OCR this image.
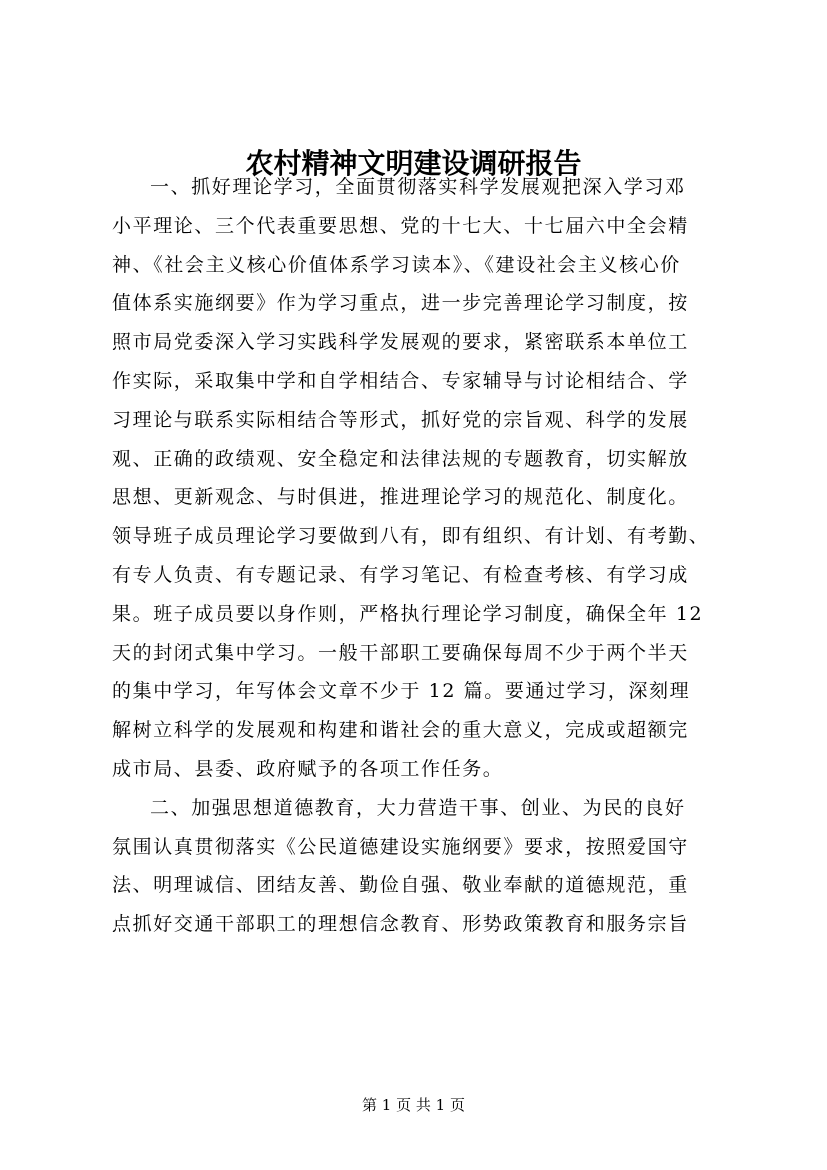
农村精神文明建设调研报告
一、抓好理论学习，全面贯彻落实科学发展观把深入学习邓
小平理论、三个代表重要思想、党的十七大、十七届六中全会精
神、《社会主义核心价值体系学习读本》、《建设社会主义核心价
值体系实施纲要》作为学习重点，进一步完善理论学习制度，按
照市局党委深入学习实践科学发展观的要求，紧密联系本单位工
作实际，采取集中学和自学相结合、专家辅导与讨论相结合、学
习理论与联系实际相结合等形式，抓好党的宗旨观、科学的发展
观、正确的政绩观、安全稳定和法律法规的专题教育，切实解放
思想、更新观念、与时俱进，推进理论学习的规范化、制度化。
领导班子成员理论学习要做到八有，即有组织、有计划、有考勤、
有专人负责、有专题记录、有学习笔记、有检查考核、有学习成
果。班子成员要以身作则，严格执行理论学习制度，确保全年 12
天的封闭式集中学习。一般干部职工要确保每周不少于两个半天
的集中学习，年写体会文章不少于 12 篇。要通过学习，深刻理
解树立科学的发展观和构建和谐社会的重大意义，完成或超额完
成市局、县委、政府赋予的各项工作任务。
二、加强思想道德教育，大力营造干事、创业、为民的良好
氛围认真贯彻落实《公民道德建设实施纲要》要求，按照爱国守
法、明理诚信、团结友善、勤俭自强、敬业奉献的道德规范，重
点抓好交通干部职工的理想信念教育、形势政策教育和服务宗旨
第 1 页 共 1 页
